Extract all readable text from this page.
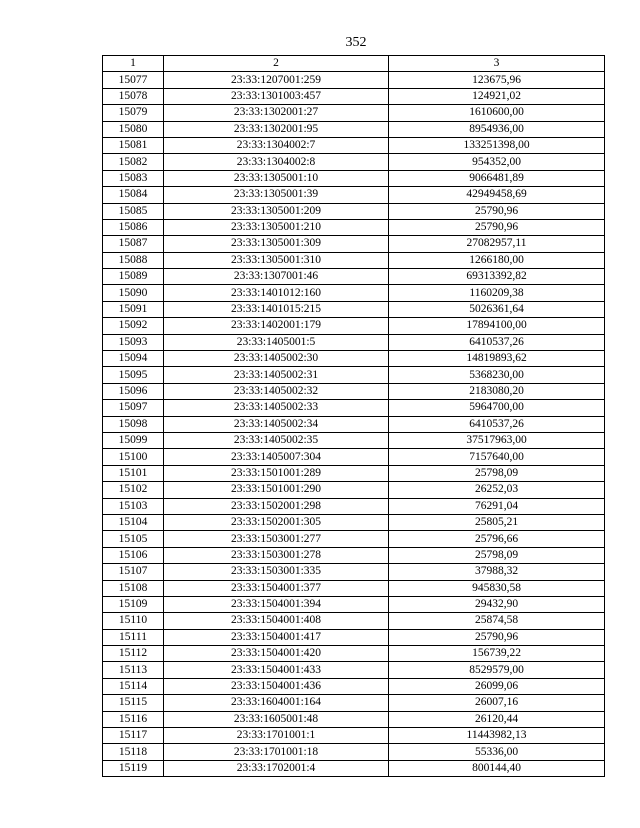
352
1	2	3
15077	23:33:1207001:259	123675,96
15078	23:33:1301003:457	124921,02
15079	23:33:1302001:27	1610600,00
15080	23:33:1302001:95	8954936,00
15081	23:33:1304002:7	133251398,00
15082	23:33:1304002:8	954352,00
15083	23:33:1305001:10	9066481,89
15084	23:33:1305001:39	42949458,69
15085	23:33:1305001:209	25790,96
15086	23:33:1305001:210	25790,96
15087	23:33:1305001:309	27082957,11
15088	23:33:1305001:310	1266180,00
15089	23:33:1307001:46	69313392,82
15090	23:33:1401012:160	1160209,38
15091	23:33:1401015:215	5026361,64
15092	23:33:1402001:179	17894100,00
15093	23:33:1405001:5	6410537,26
15094	23:33:1405002:30	14819893,62
15095	23:33:1405002:31	5368230,00
15096	23:33:1405002:32	2183080,20
15097	23:33:1405002:33	5964700,00
15098	23:33:1405002:34	6410537,26
15099	23:33:1405002:35	37517963,00
15100	23:33:1405007:304	7157640,00
15101	23:33:1501001:289	25798,09
15102	23:33:1501001:290	26252,03
15103	23:33:1502001:298	76291,04
15104	23:33:1502001:305	25805,21
15105	23:33:1503001:277	25796,66
15106	23:33:1503001:278	25798,09
15107	23:33:1503001:335	37988,32
15108	23:33:1504001:377	945830,58
15109	23:33:1504001:394	29432,90
15110	23:33:1504001:408	25874,58
15111	23:33:1504001:417	25790,96
15112	23:33:1504001:420	156739,22
15113	23:33:1504001:433	8529579,00
15114	23:33:1504001:436	26099,06
15115	23:33:1604001:164	26007,16
15116	23:33:1605001:48	26120,44
15117	23:33:1701001:1	11443982,13
15118	23:33:1701001:18	55336,00
15119	23:33:1702001:4	800144,40
